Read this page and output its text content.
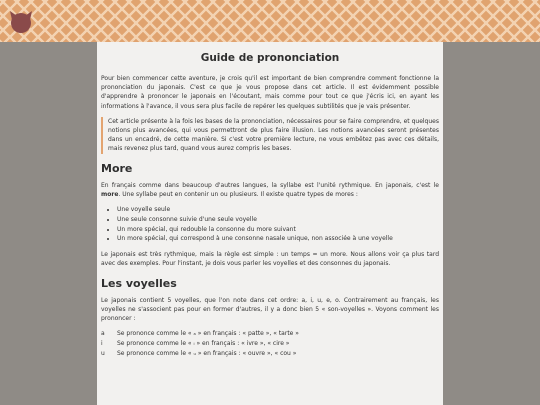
Guide de prononciation

Pour bien commencer cette aventure, je crois qu'il est important de bien comprendre comment fonctionne la prononciation du japonais. C'est ce que je vous propose dans cet article. Il est évidemment possible d'apprendre à prononcer le japonais en l'écoutant, mais comme pour tout ce que j'écris ici, en ayant les informations à l'avance, il vous sera plus facile de repérer les quelques subtilités que je vais présenter.

Cet article présente à la fois les bases de la prononciation, nécessaires pour se faire comprendre, et quelques notions plus avancées, qui vous permettront de plus faire illusion. Les notions avancées seront présentes dans un encadré, de cette manière. Si c'est votre première lecture, ne vous embêtez pas avec ces détails, mais revenez plus tard, quand vous aurez compris les bases.

More

En français comme dans beaucoup d'autres langues, la syllabe est l'unité rythmique. En japonais, c'est le more. Une syllabe peut en contenir un ou plusieurs. Il existe quatre types de mores :

• Une voyelle seule
• Une seule consonne suivie d'une seule voyelle
• Un more spécial, qui redouble la consonne du more suivant
• Un more spécial, qui correspond à une consonne nasale unique, non associée à une voyelle

Le japonais est très rythmique, mais la règle est simple : un temps = un more. Nous allons voir ça plus tard avec des exemples. Pour l'instant, je dois vous parler les voyelles et des consonnes du japonais.

Les voyelles

Le japonais contient 5 voyelles, que l'on note dans cet ordre: a, i, u, e, o. Contrairement au français, les voyelles ne s'associent pas pour en former d'autres, il y a donc bien 5 « son-voyelles ». Voyons comment les prononcer :

a	Se prononce comme le « ₐ » en français : « patte », « tarte »
i	Se prononce comme le « ᵢ » en français : « ivre », « cire »
u	Se prononce comme le « ᵤ » en français : « ouvre », « cou »
